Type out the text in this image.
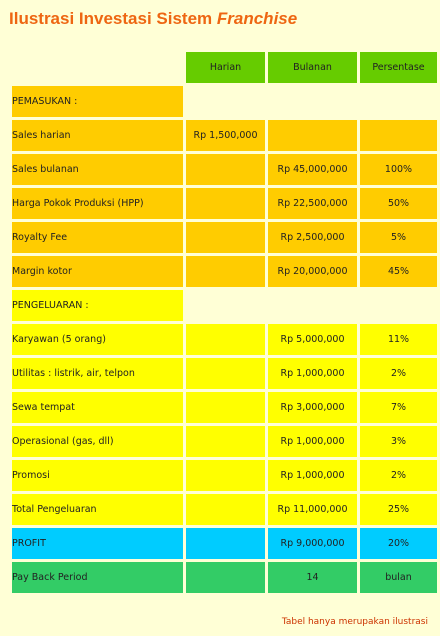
Ilustrasi Investasi Sistem Franchise
	Harian	Bulanan	Persentase
PEMASUKAN :			
Sales harian	Rp 1,500,000		
Sales bulanan		Rp 45,000,000	100%
Harga Pokok Produksi (HPP)		Rp 22,500,000	50%
Royalty Fee		Rp 2,500,000	5%
Margin kotor		Rp 20,000,000	45%
PENGELUARAN :			
Karyawan (5 orang)		Rp 5,000,000	11%
Utilitas : listrik, air, telpon		Rp 1,000,000	2%
Sewa tempat		Rp 3,000,000	7%
Operasional (gas, dll)		Rp 1,000,000	3%
Promosi		Rp 1,000,000	2%
Total Pengeluaran		Rp 11,000,000	25%
PROFIT		Rp 9,000,000	20%
Pay Back Period		14	bulan
Tabel hanya merupakan ilustrasi
